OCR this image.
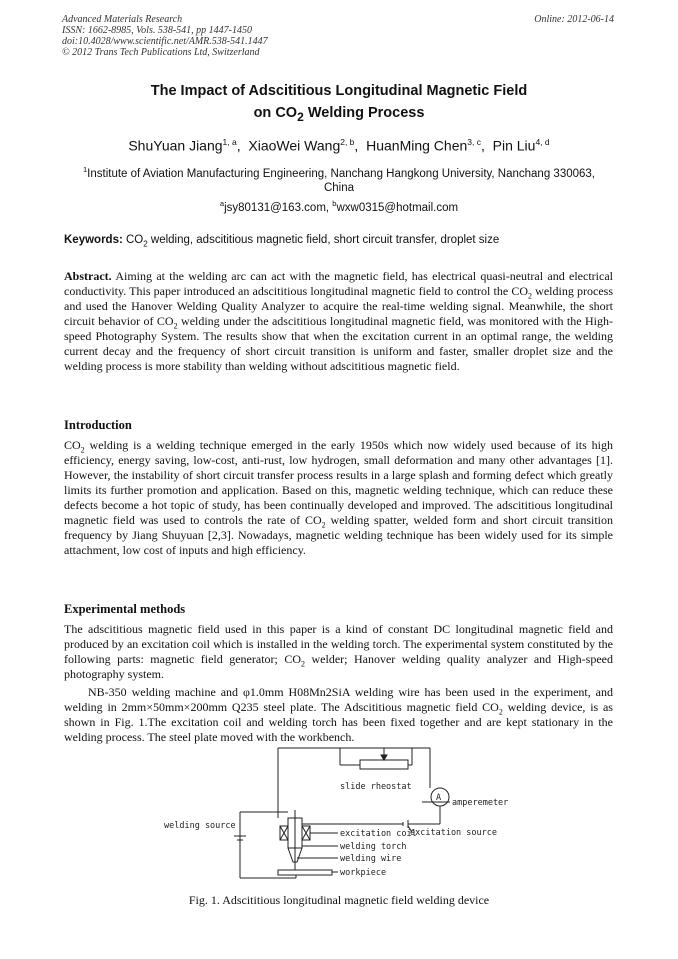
Advanced Materials Research
ISSN: 1662-8985, Vols. 538-541, pp 1447-1450
doi:10.4028/www.scientific.net/AMR.538-541.1447
© 2012 Trans Tech Publications Ltd, Switzerland
Online: 2012-06-14
The Impact of Adscititious Longitudinal Magnetic Field
on $CO_2$ Welding Process
ShuYuan Jiang$^{1, a}$,  XiaoWei Wang$^{2, b}$,  HuanMing Chen$^{3, c}$,  Pin Liu$^{4, d}$
$^1$Institute of Aviation Manufacturing Engineering, Nanchang Hangkong University, Nanchang 330063, China
$^a$jsy80131@163.com, $^b$wxw0315@hotmail.com
Keywords: $CO_2$ welding, adscititious magnetic field, short circuit transfer, droplet size
Abstract. Aiming at the welding arc can act with the magnetic field, has electrical quasi-neutral and electrical conductivity. This paper introduced an adscititious longitudinal magnetic field to control the $CO_2$ welding process and used the Hanover Welding Quality Analyzer to acquire the real-time welding signal. Meanwhile, the short circuit behavior of $CO_2$ welding under the adscititious longitudinal magnetic field, was monitored with the High-speed Photography System. The results show that when the excitation current in an optimal range, the welding current decay and the frequency of short circuit transition is uniform and faster, smaller droplet size and the welding process is more stability than welding without adscititious magnetic field.
Introduction
$CO_2$ welding is a welding technique emerged in the early 1950s which now widely used because of its high efficiency, energy saving, low-cost, anti-rust, low hydrogen, small deformation and many other advantages [1]. However, the instability of short circuit transfer process results in a large splash and forming defect which greatly limits its further promotion and application. Based on this, magnetic welding technique, which can reduce these defects become a hot topic of study, has been continually developed and improved. The adscititious longitudinal magnetic field was used to controls the rate of $CO_2$ welding spatter, welded form and short circuit transition frequency by Jiang Shuyuan [2,3]. Nowadays, magnetic welding technique has been widely used for its simple attachment, low cost of inputs and high efficiency.
Experimental methods
The adscititious magnetic field used in this paper is a kind of constant DC longitudinal magnetic field and produced by an excitation coil which is installed in the welding torch. The experimental system constituted by the following parts: magnetic field generator; $CO_2$ welder; Hanover welding quality analyzer and High-speed photography system.
NB-350 welding machine and φ1.0mm H08Mn2SiA welding wire has been used in the experiment, and welding in 2mm×50mm×200mm Q235 steel plate. The Adscititious magnetic field $CO_2$ welding device, is as shown in Fig. 1.The excitation coil and welding torch has been fixed together and are kept stationary in the welding process. The steel plate moved with the workbench.
slide rheostat
A amperemeter
welding source
excitation coil
excitation source
welding torch
welding wire
workpiece
Fig. 1. Adscititious longitudinal magnetic field welding device
